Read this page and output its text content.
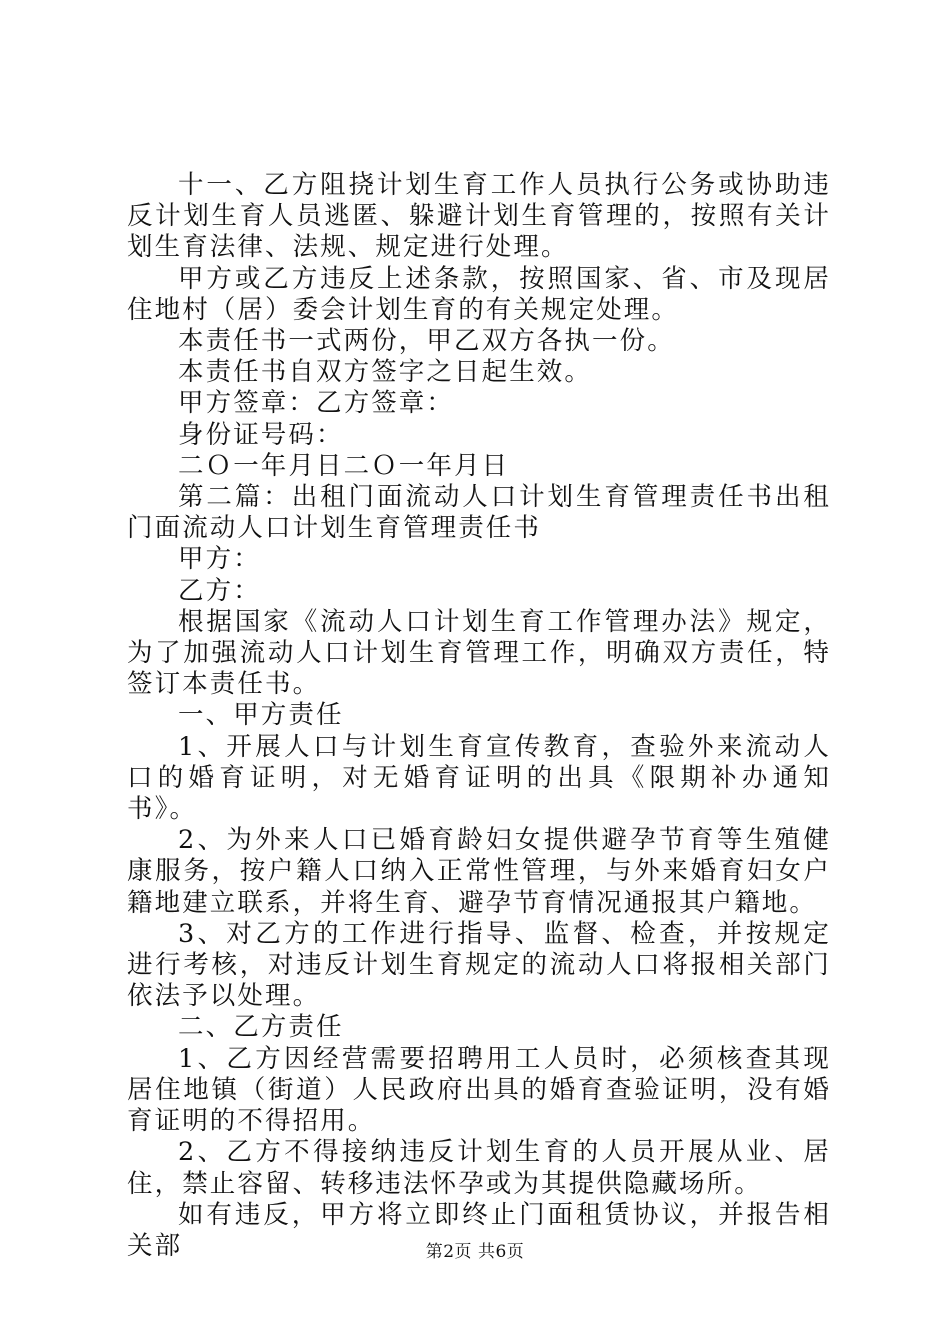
十一、乙方阻挠计划生育工作人员执行公务或协助违反计划生育人员逃匿、躲避计划生育管理的，按照有关计划生育法律、法规、规定进行处理。

甲方或乙方违反上述条款，按照国家、省、市及现居住地村（居）委会计划生育的有关规定处理。

本责任书一式两份，甲乙双方各执一份。

本责任书自双方签字之日起生效。

甲方签章：乙方签章：

身份证号码：

二Ｏ一年月日二Ｏ一年月日

第二篇：出租门面流动人口计划生育管理责任书出租门面流动人口计划生育管理责任书

甲方：

乙方：

根据国家《流动人口计划生育工作管理办法》规定，为了加强流动人口计划生育管理工作，明确双方责任，特签订本责任书。

一、甲方责任

1、开展人口与计划生育宣传教育，查验外来流动人口的婚育证明，对无婚育证明的出具《限期补办通知书》。

2、为外来人口已婚育龄妇女提供避孕节育等生殖健康服务，按户籍人口纳入正常性管理，与外来婚育妇女户籍地建立联系，并将生育、避孕节育情况通报其户籍地。

3、对乙方的工作进行指导、监督、检查，并按规定进行考核，对违反计划生育规定的流动人口将报相关部门依法予以处理。

二、乙方责任

1、乙方因经营需要招聘用工人员时，必须核查其现居住地镇（街道）人民政府出具的婚育查验证明，没有婚育证明的不得招用。

2、乙方不得接纳违反计划生育的人员开展从业、居住，禁止容留、转移违法怀孕或为其提供隐藏场所。

如有违反，甲方将立即终止门面租赁协议，并报告相关部	第2页 共6页
